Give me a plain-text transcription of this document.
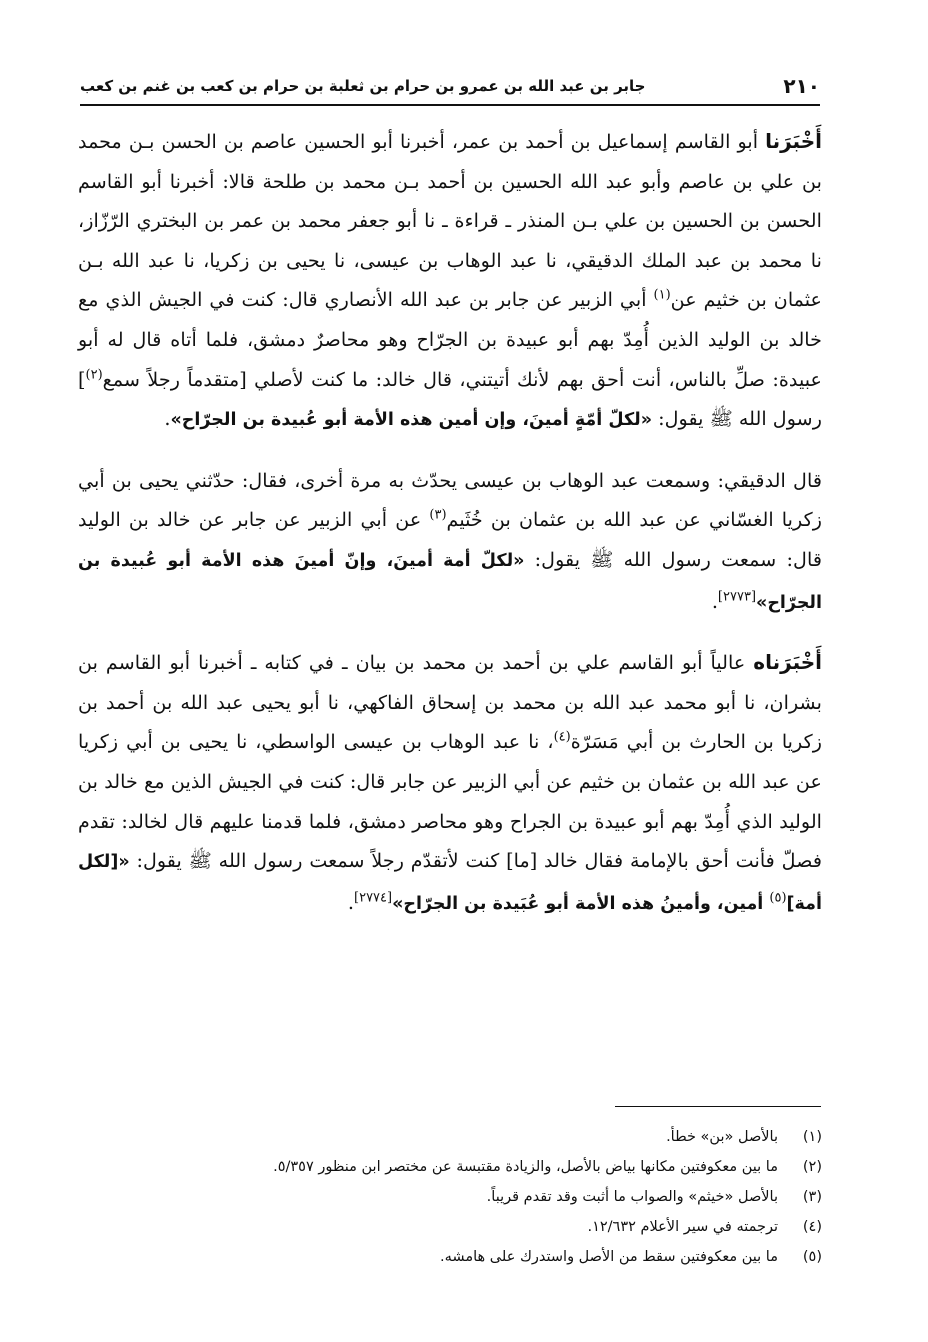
٢١٠
جابر بن عبد الله بن عمرو بن حرام بن ثعلبة بن حرام بن كعب بن غنم بن كعب

أَخْبَرَنا أبو القاسم إسماعيل بن أحمد بن عمر، أخبرنا أبو الحسين عاصم بن الحسن بـن محمد بن علي بن عاصم وأبو عبد الله الحسين بن أحمد بـن محمد بن طلحة قالا: أخبرنا أبو القاسم الحسن بن الحسين بن علي بـن المنذر ـ قراءة ـ نا أبو جعفر محمد بن عمر بن البختري الرّزّاز، نا محمد بن عبد الملك الدقيقي، نا عبد الوهاب بن عيسى، نا يحيى بن زكريا، نا عبد الله بـن عثمان بن خثيم عن$^{(١)}$ أبي الزبير عن جابر بن عبد الله الأنصاري قال: كنت في الجيش الذي مع خالد بن الوليد الذين أُمِدّ بهم أبو عبيدة بن الجرّاح وهو محاصرٌ دمشق، فلما أتاه قال له أبو عبيدة: صلِّ بالناس، أنت أحق بهم لأنك أتيتني، قال خالد: ما كنت لأصلي [متقدماً رجلاً سمع$^{(٢)}$] رسول الله ﷺ يقول: «لكلّ أمّةٍ أمينَ، وإن أمين هذه الأمة أبو عُبيدة بن الجرّاح».

قال الدقيقي: وسمعت عبد الوهاب بن عيسى يحدّث به مرة أخرى، فقال: حدّثني يحيى بن أبي زكريا الغسّاني عن عبد الله بن عثمان بن خُثَيم$^{(٣)}$ عن أبي الزبير عن جابر عن خالد بن الوليد قال: سمعت رسول الله ﷺ يقول: «لكلّ أمة أمينَ، وإنّ أمينَ هذه الأمة أبو عُبيدة بن الجرّاح»[٢٧٧٣].

أَخْبَرَناه عالياً أبو القاسم علي بن أحمد بن محمد بن بيان ـ في كتابه ـ أخبرنا أبو القاسم بن بشران، نا أبو محمد عبد الله بن محمد بن إسحاق الفاكهي، نا أبو يحيى عبد الله بن أحمد بن زكريا بن الحارث بن أبي مَسَرّة$^{(٤)}$، نا عبد الوهاب بن عيسى الواسطي، نا يحيى بن أبي زكريا عن عبد الله بن عثمان بن خثيم عن أبي الزبير عن جابر قال: كنت في الجيش الذين مع خالد بن الوليد الذي أُمِدّ بهم أبو عبيدة بن الجراح وهو محاصر دمشق، فلما قدمنا عليهم قال لخالد: تقدم فصلّ فأنت أحق بالإمامة فقال خالد [ما] كنت لأتقدّم رجلاً سمعت رسول الله ﷺ يقول: «[لكل أمة]$^{(٥)}$ أمين، وأمينُ هذه الأمة أبو عُبَيدة بن الجرّاح»[٢٧٧٤].

(١)
بالأصل «بن» خطأ.
(٢)
ما بين معكوفتين مكانها بياض بالأصل، والزيادة مقتبسة عن مختصر ابن منظور ٥/٣٥٧.
(٣)
بالأصل «خيثم» والصواب ما أثبت وقد تقدم قريباً.
(٤)
ترجمته في سير الأعلام ١٢/٦٣٢.
(٥)
ما بين معكوفتين سقط من الأصل واستدرك على هامشه.
